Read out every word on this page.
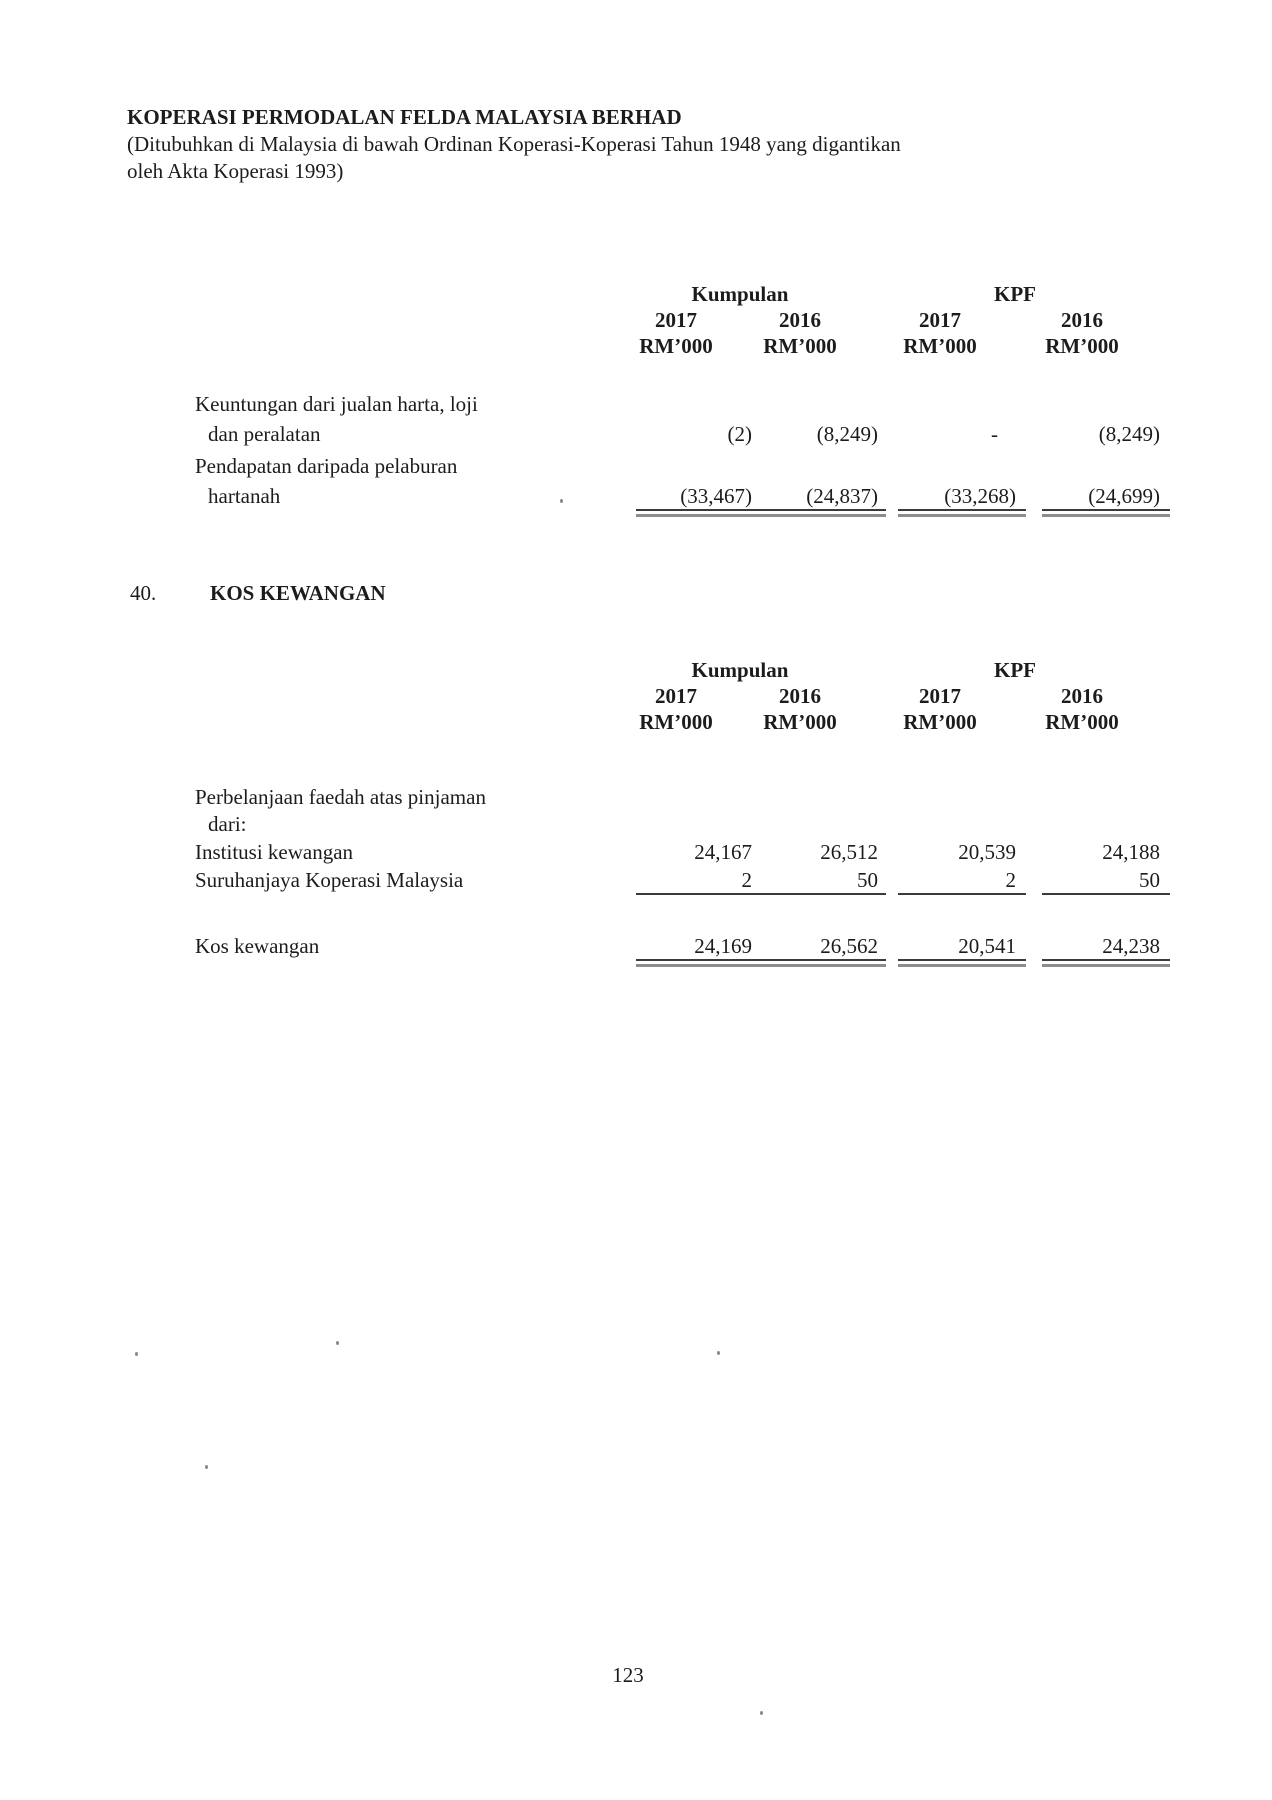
KOPERASI PERMODALAN FELDA MALAYSIA BERHAD
(Ditubuhkan di Malaysia di bawah Ordinan Koperasi-Koperasi Tahun 1948 yang digantikan
oleh Akta Koperasi 1993)
Kumpulan	KPF
2017	2016	2017	2016
RM’000	RM’000	RM’000	RM’000
Keuntungan dari jualan harta, loji
dan peralatan	(2)	(8,249)	-	(8,249)
Pendapatan daripada pelaburan
hartanah	(33,467)	(24,837)	(33,268)	(24,699)
40.	KOS KEWANGAN
Kumpulan	KPF
2017	2016	2017	2016
RM’000	RM’000	RM’000	RM’000
Perbelanjaan faedah atas pinjaman
dari:
Institusi kewangan	24,167	26,512	20,539	24,188
Suruhanjaya Koperasi Malaysia	2	50	2	50
Kos kewangan	24,169	26,562	20,541	24,238
123
